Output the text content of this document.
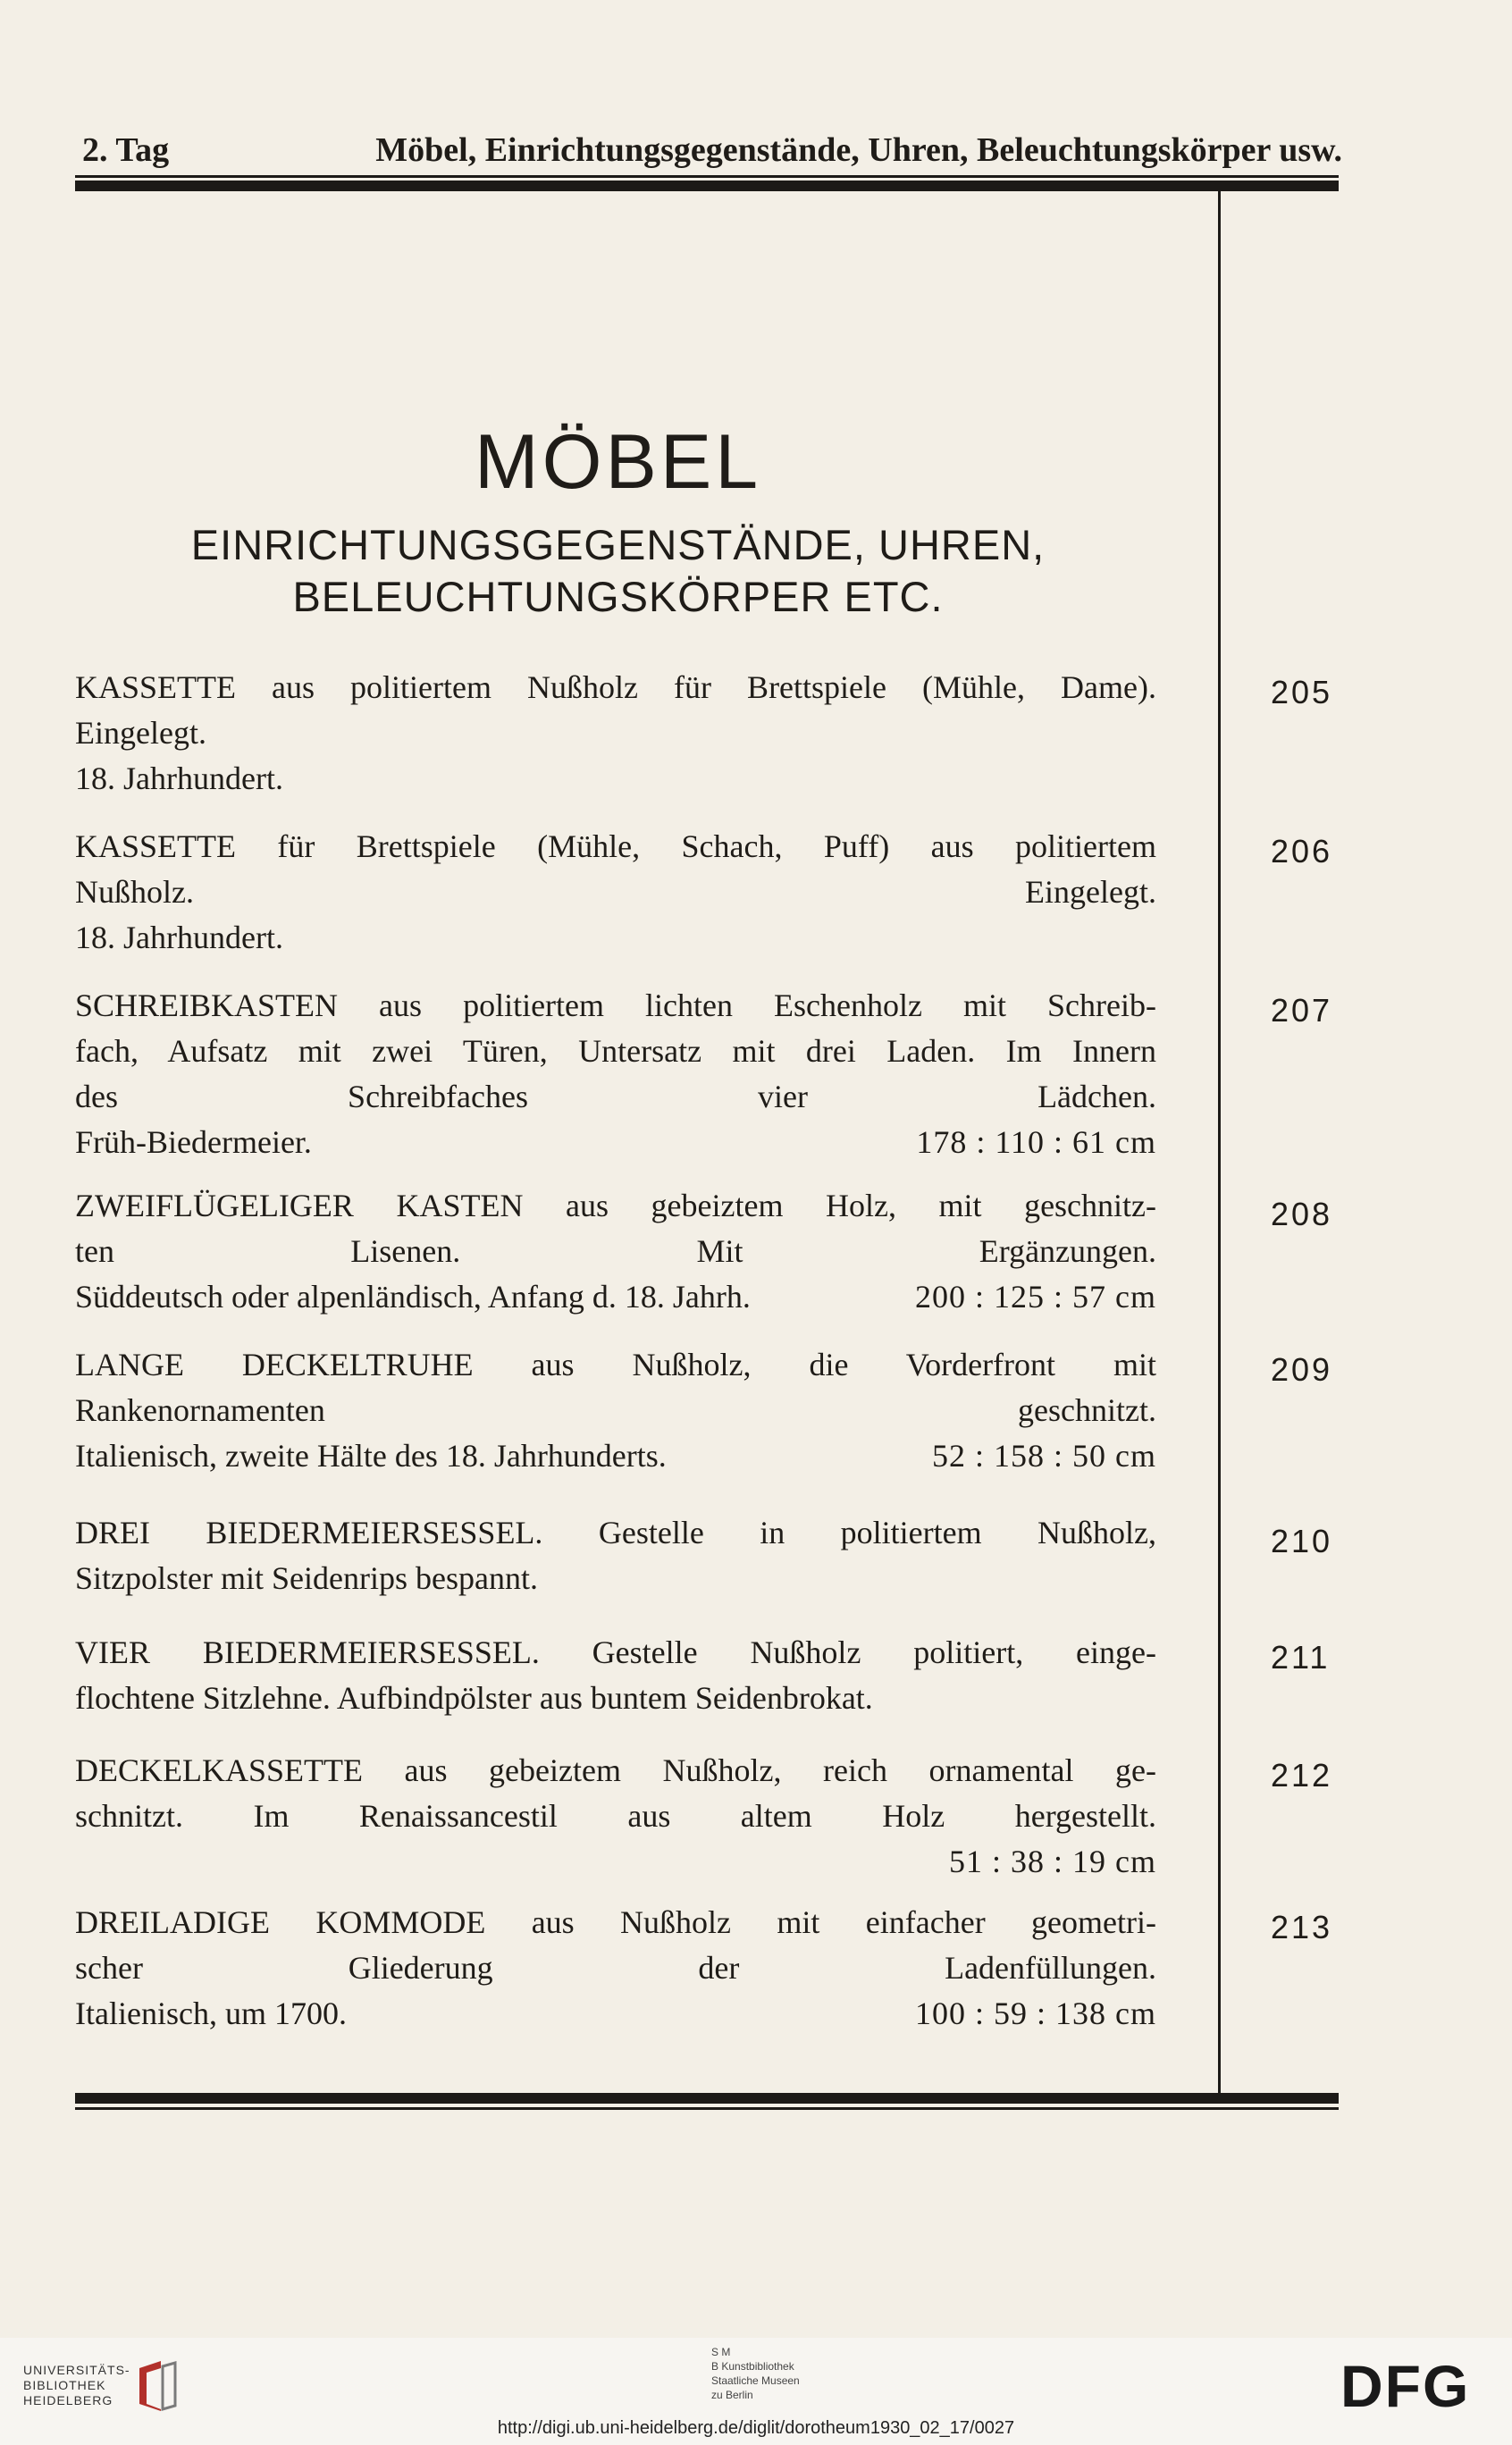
2. Tag	Möbel, Einrichtungsgegenstände, Uhren, Beleuchtungskörper usw.
MÖBEL
EINRICHTUNGSGEGENSTÄNDE, UHREN,
BELEUCHTUNGSKÖRPER ETC.
KASSETTE aus politiertem Nußholz für Brettspiele (Mühle, Dame).
Eingelegt.
18. Jahrhundert.
205
KASSETTE für Brettspiele (Mühle, Schach, Puff) aus politiertem
Nußholz. Eingelegt.
18. Jahrhundert.
206
SCHREIBKASTEN aus politiertem lichten Eschenholz mit Schreib-
fach, Aufsatz mit zwei Türen, Untersatz mit drei Laden. Im Innern
des Schreibfaches vier Lädchen.
Früh-Biedermeier.	178 : 110 : 61 cm
207
ZWEIFLÜGELIGER KASTEN aus gebeiztem Holz, mit geschnitz-
ten Lisenen. Mit Ergänzungen.
Süddeutsch oder alpenländisch, Anfang d. 18. Jahrh.	200 : 125 : 57 cm
208
LANGE DECKELTRUHE aus Nußholz, die Vorderfront mit
Rankenornamenten geschnitzt.
Italienisch, zweite Hälte des 18. Jahrhunderts.	52 : 158 : 50 cm
209
DREI BIEDERMEIERSESSEL. Gestelle in politiertem Nußholz,
Sitzpolster mit Seidenrips bespannt.
210
VIER BIEDERMEIERSESSEL. Gestelle Nußholz politiert, einge-
flochtene Sitzlehne. Aufbindpölster aus buntem Seidenbrokat.
211
DECKELKASSETTE aus gebeiztem Nußholz, reich ornamental ge-
schnitzt. Im Renaissancestil aus altem Holz hergestellt.
51 : 38 : 19 cm
212
DREILADIGE KOMMODE aus Nußholz mit einfacher geometri-
scher Gliederung der Ladenfüllungen.
Italienisch, um 1700.	100 : 59 : 138 cm
213
UNIVERSITÄTS-
BIBLIOTHEK
HEIDELBERG
S M
B Kunstbibliothek
Staatliche Museen
zu Berlin	DFG
http://digi.ub.uni-heidelberg.de/diglit/dorotheum1930_02_17/0027
